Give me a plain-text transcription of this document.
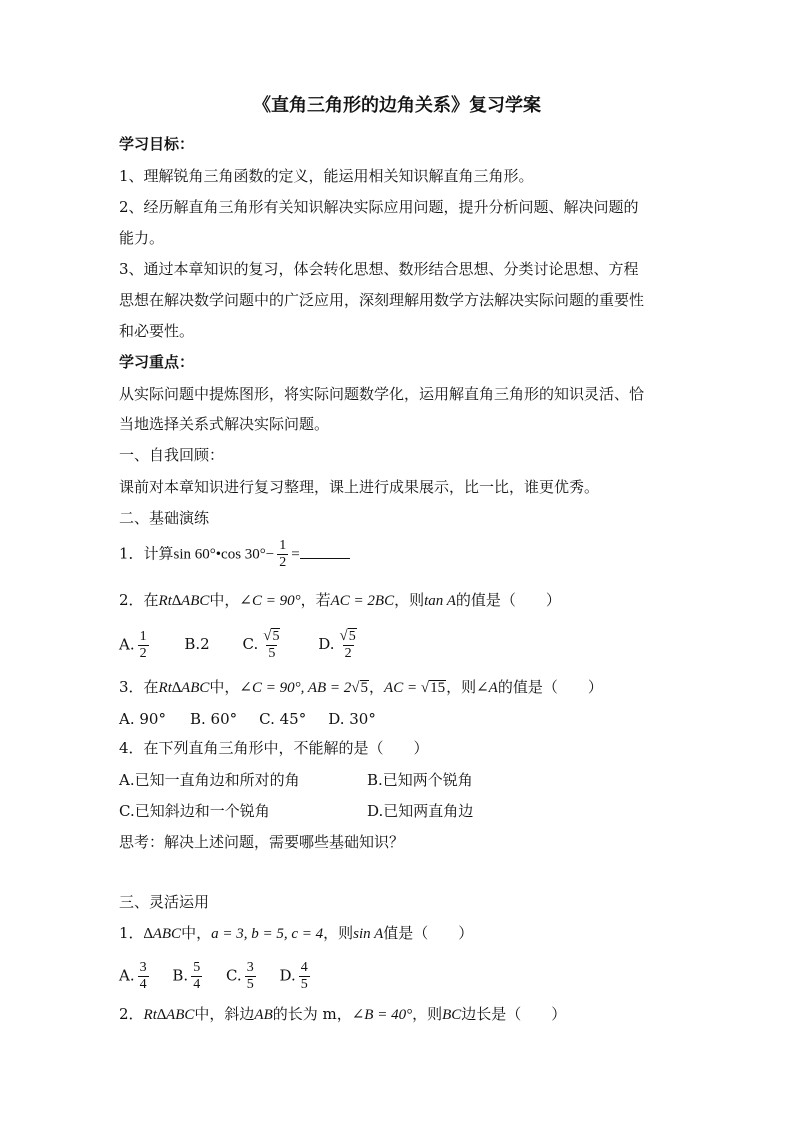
《直角三角形的边角关系》复习学案
学习目标：
1、理解锐角三角函数的定义，能运用相关知识解直角三角形。
2、经历解直角三角形有关知识解决实际应用问题，提升分析问题、解决问题的
能力。
3、通过本章知识的复习，体会转化思想、数形结合思想、分类讨论思想、方程
思想在解决数学问题中的广泛应用，深刻理解用数学方法解决实际问题的重要性
和必要性。
学习重点：
从实际问题中提炼图形，将实际问题数学化，运用解直角三角形的知识灵活、恰
当地选择关系式解决实际问题。
一、自我回顾：
课前对本章知识进行复习整理，课上进行成果展示，比一比，谁更优秀。
二、基础演练
1．计算sin 60°•cos $30^\circ- \frac{1}{2}$ =
2．在Rt∆ABC中，∠C = 90°，若AC = 2BC，则tan A的值是（　　）
A. $\frac{1}{2} B.2$ C. $\frac{√ 5}{5} D$. $\frac{√ 5}{2}$
3．在Rt∆ABC中，∠C = 90°, AB = 2 √ 5 ，AC = √ 15 ，则∠A的值是（　　）
A. 90° B. 60° C. 45° D. 30°
4．在下列直角三角形中，不能解的是（　　）
A.已知一直角边和所对的角	B.已知两个锐角
C.已知斜边和一个锐角	D.已知两直角边
思考：解决上述问题，需要哪些基础知识？
三、灵活运用
1．∆ABC中，a = 3, b = 5, c = 4，则sin A值是（　　）
A. $\frac{3}{4} B$. $\frac{5}{4} C$. $\frac{3}{5} D$. $\frac{4}{5}$
2．Rt∆ABC中，斜边AB的长为 m，∠B = 40°，则BC边长是（　　）
